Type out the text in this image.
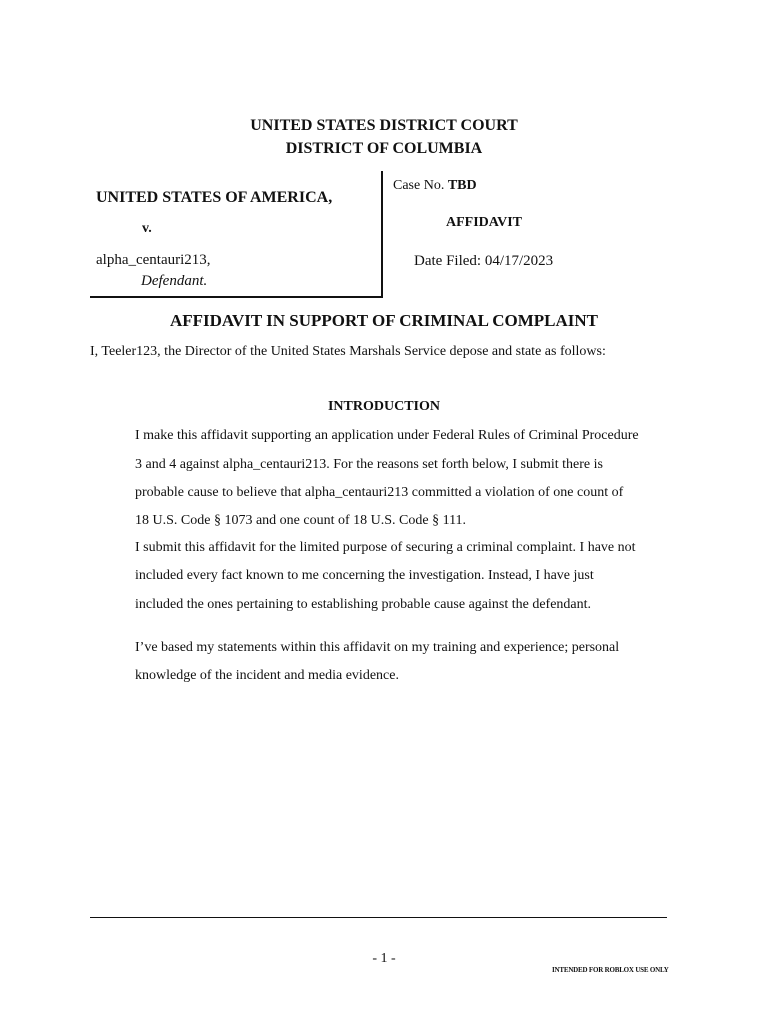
UNITED STATES DISTRICT COURT
DISTRICT OF COLUMBIA
UNITED STATES OF AMERICA,
v.
alpha_centauri213,
Defendant.
Case No. TBD
AFFIDAVIT
Date Filed: 04/17/2023
AFFIDAVIT IN SUPPORT OF CRIMINAL COMPLAINT
I, Teeler123, the Director of the United States Marshals Service depose and state as follows:
INTRODUCTION
I make this affidavit supporting an application under Federal Rules of Criminal Procedure
3 and 4 against alpha_centauri213. For the reasons set forth below, I submit there is
probable cause to believe that alpha_centauri213 committed a violation of one count of
18 U.S. Code § 1073 and one count of 18 U.S. Code § 111.
I submit this affidavit for the limited purpose of securing a criminal complaint. I have not
included every fact known to me concerning the investigation. Instead, I have just
included the ones pertaining to establishing probable cause against the defendant.
I’ve based my statements within this affidavit on my training and experience; personal
knowledge of the incident and media evidence.
- 1 -
INTENDED FOR ROBLOX USE ONLY
